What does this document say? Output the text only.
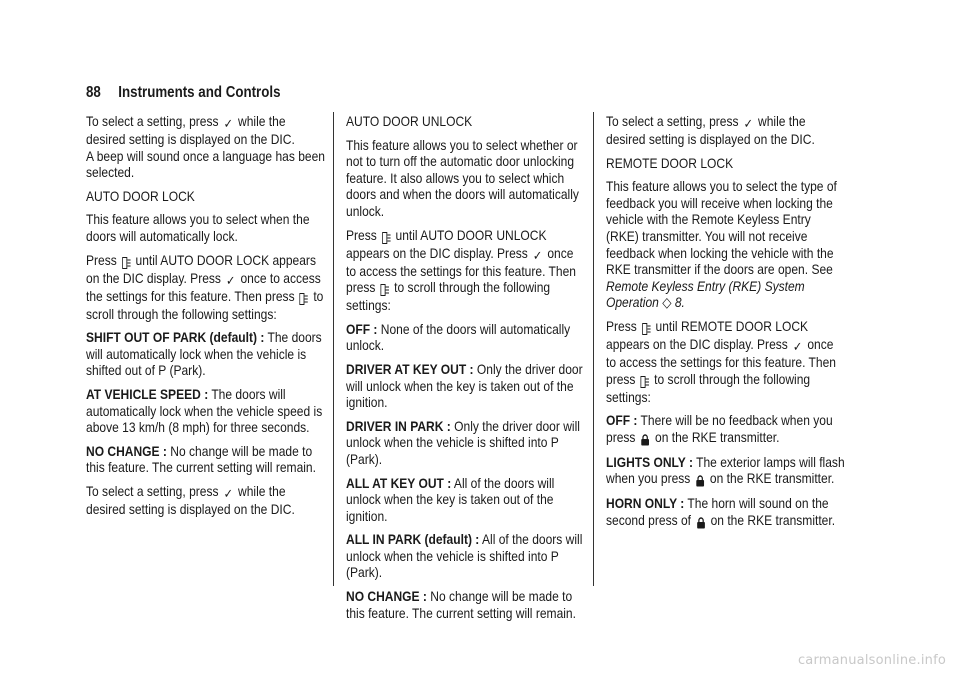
88 Instruments and Controls

To select a setting, press ✓ while the desired setting is displayed on the DIC.

A beep will sound once a language has been selected.

AUTO DOOR LOCK

This feature allows you to select when the doors will automatically lock.

Press until AUTO DOOR LOCK appears on the DIC display. Press ✓ once to access the settings for this feature. Then press to scroll through the following settings:

SHIFT OUT OF PARK (default) : The doors will automatically lock when the vehicle is shifted out of P (Park).

AT VEHICLE SPEED : The doors will automatically lock when the vehicle speed is above 13 km/h (8 mph) for three seconds.

NO CHANGE : No change will be made to this feature. The current setting will remain.

To select a setting, press ✓ while the desired setting is displayed on the DIC.

AUTO DOOR UNLOCK

This feature allows you to select whether or not to turn off the automatic door unlocking feature. It also allows you to select which doors and when the doors will automatically unlock.

Press until AUTO DOOR UNLOCK appears on the DIC display. Press ✓ once to access the settings for this feature. Then press to scroll through the following settings:

OFF : None of the doors will automatically unlock.

DRIVER AT KEY OUT : Only the driver door will unlock when the key is taken out of the ignition.

DRIVER IN PARK : Only the driver door will unlock when the vehicle is shifted into P (Park).

ALL AT KEY OUT : All of the doors will unlock when the key is taken out of the ignition.

ALL IN PARK (default) : All of the doors will unlock when the vehicle is shifted into P (Park).

NO CHANGE : No change will be made to this feature. The current setting will remain.

To select a setting, press ✓ while the desired setting is displayed on the DIC.

REMOTE DOOR LOCK

This feature allows you to select the type of feedback you will receive when locking the vehicle with the Remote Keyless Entry (RKE) transmitter. You will not receive feedback when locking the vehicle with the RKE transmitter if the doors are open. See Remote Keyless Entry (RKE) System Operation ◇ 8.

Press until REMOTE DOOR LOCK appears on the DIC display. Press ✓ once to access the settings for this feature. Then press to scroll through the following settings:

OFF : There will be no feedback when you press on the RKE transmitter.

LIGHTS ONLY : The exterior lamps will flash when you press on the RKE transmitter.

HORN ONLY : The horn will sound on the second press of on the RKE transmitter.

carmanualsonline.info
